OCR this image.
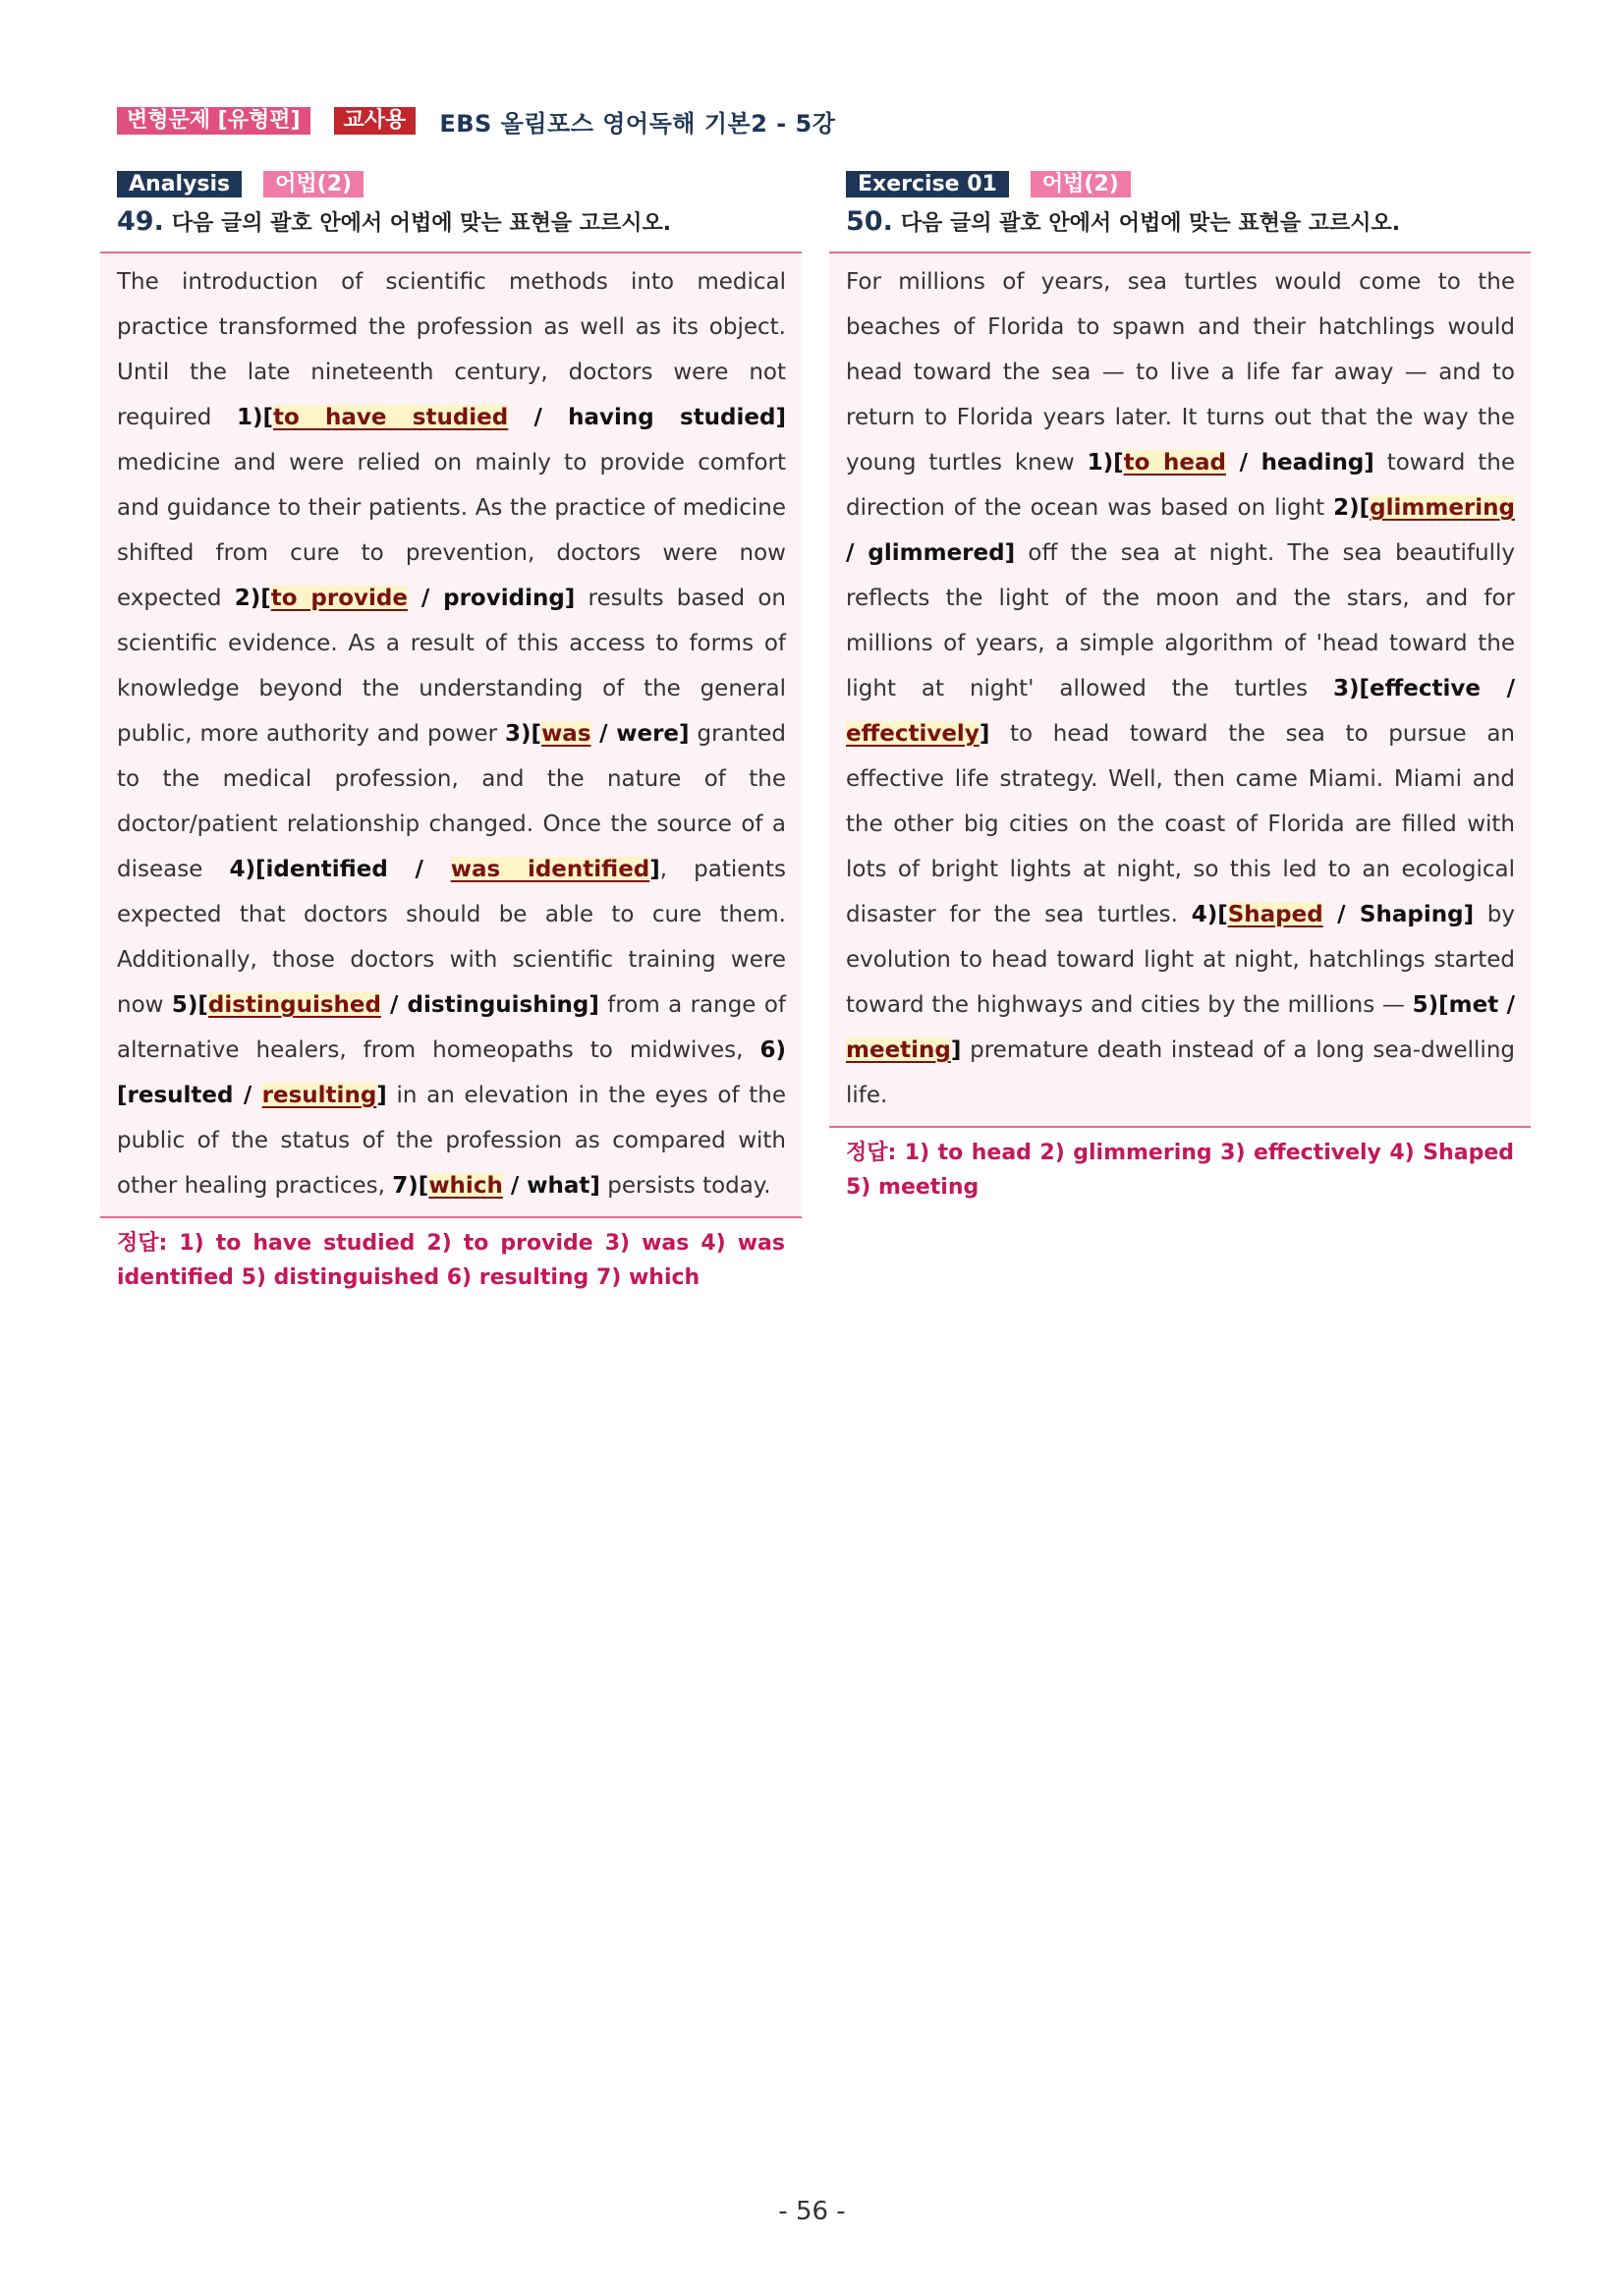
변형문제 [유형편]	교사용	EBS 올림포스 영어독해 기본2 - 5강
Analysis	어법(2)
49. 다음 글의 괄호 안에서 어법에 맞는 표현을 고르시오.
The introduction of scientific methods into medical practice transformed the profession as well as its object. Until the late nineteenth century, doctors were not required 1)[to have studied / having studied] medicine and were relied on mainly to provide comfort and guidance to their patients. As the practice of medicine shifted from cure to prevention, doctors were now expected 2)[to provide / providing] results based on scientific evidence. As a result of this access to forms of knowledge beyond the understanding of the general public, more authority and power 3)[was / were] granted to the medical profession, and the nature of the doctor/patient relationship changed. Once the source of a disease 4)[identified / was identified], patients expected that doctors should be able to cure them. Additionally, those doctors with scientific training were now 5)[distinguished / distinguishing] from a range of alternative healers, from homeopaths to midwives, 6)[resulted / resulting] in an elevation in the eyes of the public of the status of the profession as compared with other healing practices, 7)[which / what] persists today.
정답: 1) to have studied 2) to provide 3) was 4) was identified 5) distinguished 6) resulting 7) which
Exercise 01	어법(2)
50. 다음 글의 괄호 안에서 어법에 맞는 표현을 고르시오.
For millions of years, sea turtles would come to the beaches of Florida to spawn and their hatchlings would head toward the sea — to live a life far away — and to return to Florida years later. It turns out that the way the young turtles knew 1)[to head / heading] toward the direction of the ocean was based on light 2)[glimmering / glimmered] off the sea at night. The sea beautifully reflects the light of the moon and the stars, and for millions of years, a simple algorithm of 'head toward the light at night' allowed the turtles 3)[effective / effectively] to head toward the sea to pursue an effective life strategy. Well, then came Miami. Miami and the other big cities on the coast of Florida are filled with lots of bright lights at night, so this led to an ecological disaster for the sea turtles. 4)[Shaped / Shaping] by evolution to head toward light at night, hatchlings started toward the highways and cities by the millions — 5)[met / meeting] premature death instead of a long sea-dwelling life.
정답: 1) to head 2) glimmering 3) effectively 4) Shaped 5) meeting
- 56 -
